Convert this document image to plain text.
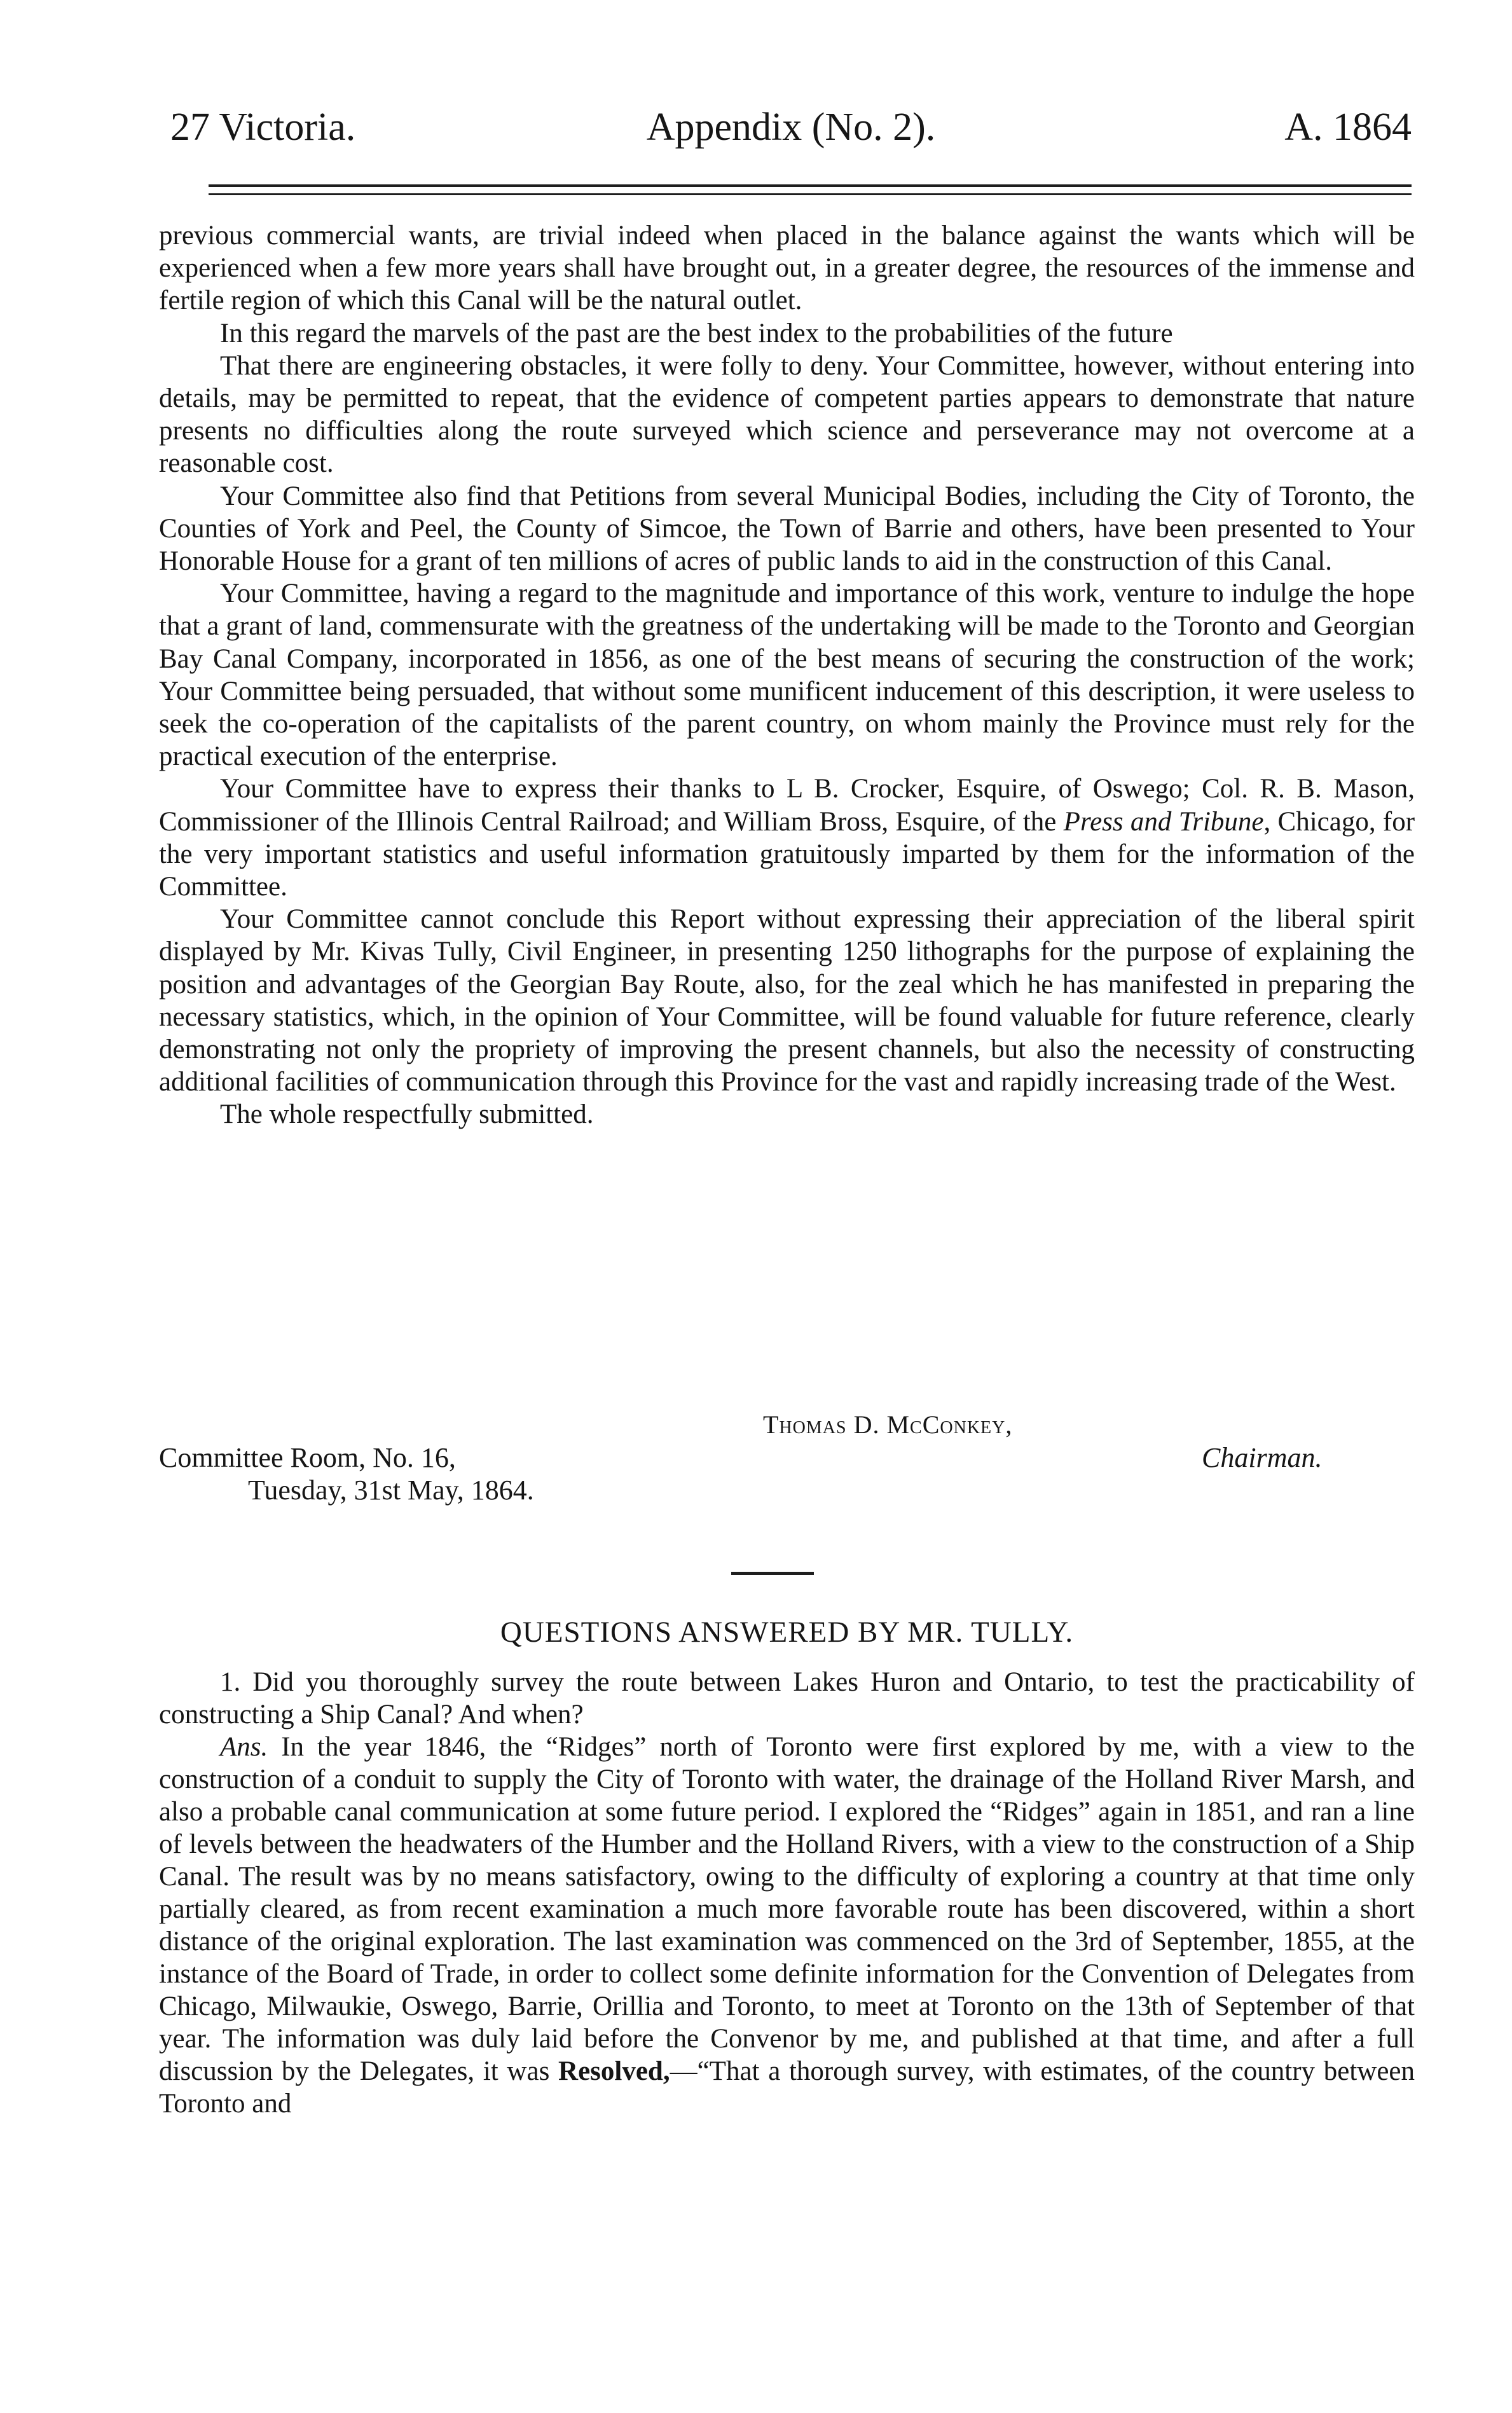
27 Victoria.	Appendix (No. 2).	A. 1864

previous commercial wants, are trivial indeed when placed in the balance against the wants which will be experienced when a few more years shall have brought out, in a greater degree, the resources of the immense and fertile region of which this Canal will be the natural outlet.

In this regard the marvels of the past are the best index to the probabilities of the future

That there are engineering obstacles, it were folly to deny. Your Committee, however, without entering into details, may be permitted to repeat, that the evidence of competent parties appears to demonstrate that nature presents no difficulties along the route surveyed which science and perseverance may not overcome at a reasonable cost.

Your Committee also find that Petitions from several Municipal Bodies, including the City of Toronto, the Counties of York and Peel, the County of Simcoe, the Town of Barrie and others, have been presented to Your Honorable House for a grant of ten millions of acres of public lands to aid in the construction of this Canal.

Your Committee, having a regard to the magnitude and importance of this work, venture to indulge the hope that a grant of land, commensurate with the greatness of the undertaking will be made to the Toronto and Georgian Bay Canal Company, incorporated in 1856, as one of the best means of securing the construction of the work; Your Committee being persuaded, that without some munificent inducement of this description, it were useless to seek the co-operation of the capitalists of the parent country, on whom mainly the Province must rely for the practical execution of the enterprise.

Your Committee have to express their thanks to L B. Crocker, Esquire, of Oswego; Col. R. B. Mason, Commissioner of the Illinois Central Railroad; and William Bross, Esquire, of the Press and Tribune, Chicago, for the very important statistics and useful information gratuitously imparted by them for the information of the Committee.

Your Committee cannot conclude this Report without expressing their appreciation of the liberal spirit displayed by Mr. Kivas Tully, Civil Engineer, in presenting 1250 lithographs for the purpose of explaining the position and advantages of the Georgian Bay Route, also, for the zeal which he has manifested in preparing the necessary statistics, which, in the opinion of Your Committee, will be found valuable for future reference, clearly demonstrating not only the propriety of improving the present channels, but also the necessity of constructing additional facilities of communication through this Province for the vast and rapidly increasing trade of the West.

The whole respectfully submitted.

Thomas D. McConkey,
Committee Room, No. 16,	Chairman.
Tuesday, 31st May, 1864.
QUESTIONS ANSWERED BY MR. TULLY.

1. Did you thoroughly survey the route between Lakes Huron and Ontario, to test the practicability of constructing a Ship Canal? And when?

Ans. In the year 1846, the “Ridges” north of Toronto were first explored by me, with a view to the construction of a conduit to supply the City of Toronto with water, the drainage of the Holland River Marsh, and also a probable canal communication at some future period. I explored the “Ridges” again in 1851, and ran a line of levels between the headwaters of the Humber and the Holland Rivers, with a view to the construction of a Ship Canal. The result was by no means satisfactory, owing to the difficulty of exploring a country at that time only partially cleared, as from recent examination a much more favorable route has been discovered, within a short distance of the original exploration. The last examination was commenced on the 3rd of September, 1855, at the instance of the Board of Trade, in order to collect some definite information for the Convention of Delegates from Chicago, Milwaukie, Oswego, Barrie, Orillia and Toronto, to meet at Toronto on the 13th of September of that year. The information was duly laid before the Convenor by me, and published at that time, and after a full discussion by the Delegates, it was Resolved,—“That a thorough survey, with estimates, of the country between Toronto and
